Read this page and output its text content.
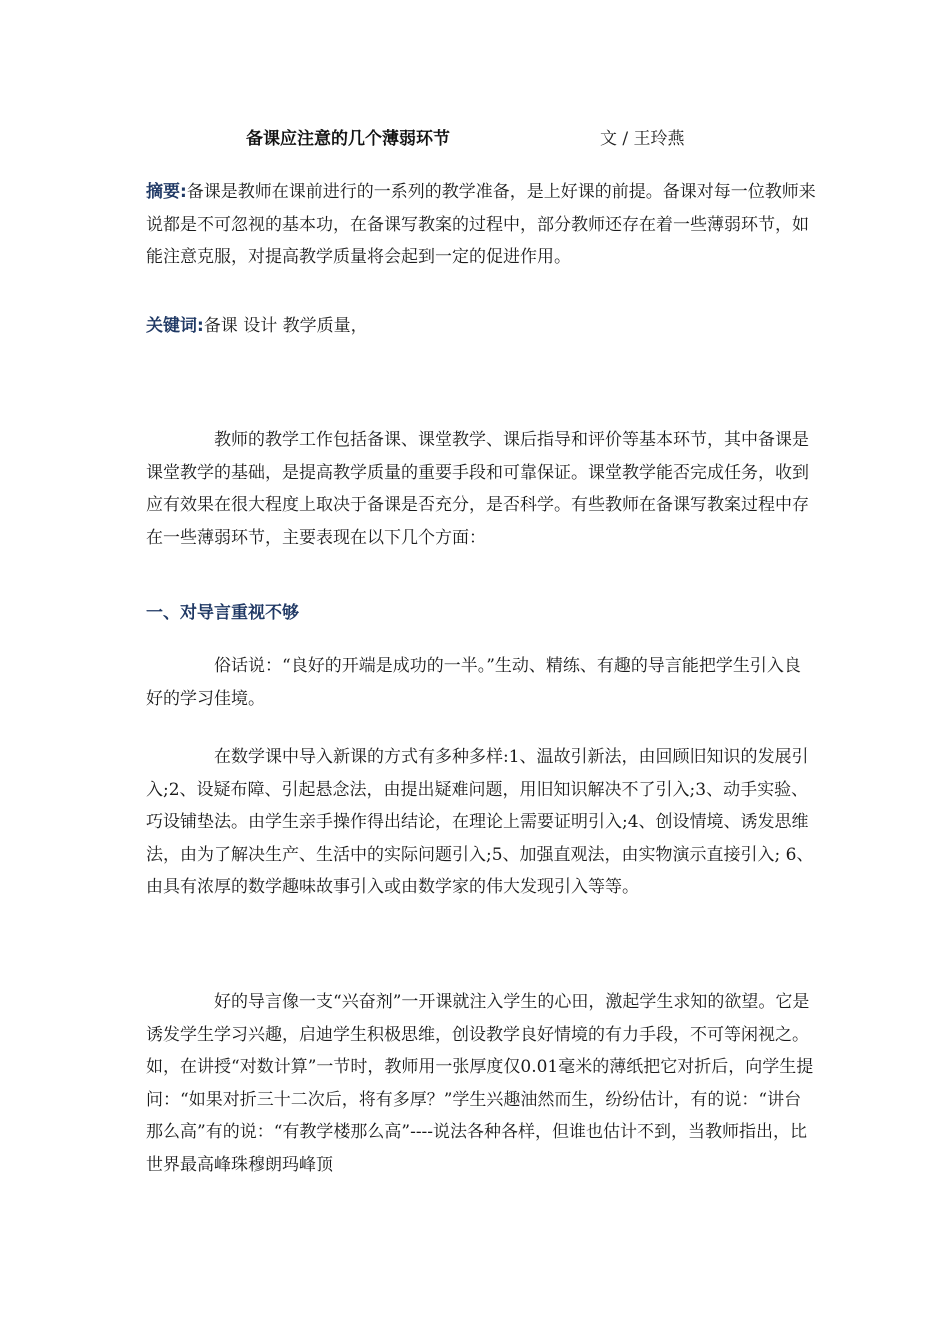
备课应注意的几个薄弱环节	文 / 王玲燕

摘要:备课是教师在课前进行的一系列的教学准备，是上好课的前提。备课对每一位教师来说都是不可忽视的基本功，在备课写教案的过程中，部分教师还存在着一些薄弱环节，如能注意克服，对提高教学质量将会起到一定的促进作用。

关键词:备课 设计 教学质量，

教师的教学工作包括备课、课堂教学、课后指导和评价等基本环节，其中备课是课堂教学的基础，是提高教学质量的重要手段和可靠保证。课堂教学能否完成任务，收到应有效果在很大程度上取决于备课是否充分，是否科学。有些教师在备课写教案过程中存在一些薄弱环节，主要表现在以下几个方面：

一、对导言重视不够

俗话说：“良好的开端是成功的一半。”生动、精练、有趣的导言能把学生引入良好的学习佳境。

在数学课中导入新课的方式有多种多样:1、温故引新法，由回顾旧知识的发展引入;2、设疑布障、引起悬念法，由提出疑难问题，用旧知识解决不了引入;3、动手实验、巧设铺垫法。由学生亲手操作得出结论，在理论上需要证明引入;4、创设情境、诱发思维法，由为了解决生产、生活中的实际问题引入;5、加强直观法，由实物演示直接引入; 6、由具有浓厚的数学趣味故事引入或由数学家的伟大发现引入等等。

好的导言像一支“兴奋剂”一开课就注入学生的心田，激起学生求知的欲望。它是诱发学生学习兴趣，启迪学生积极思维，创设教学良好情境的有力手段，不可等闲视之。如，在讲授“对数计算”一节时，教师用一张厚度仅0.01毫米的薄纸把它对折后，向学生提问：“如果对折三十二次后，将有多厚？”学生兴趣油然而生，纷纷估计，有的说：“讲台那么高”有的说：“有教学楼那么高”----说法各种各样，但谁也估计不到，当教师指出，比世界最高峰珠穆朗玛峰顶
